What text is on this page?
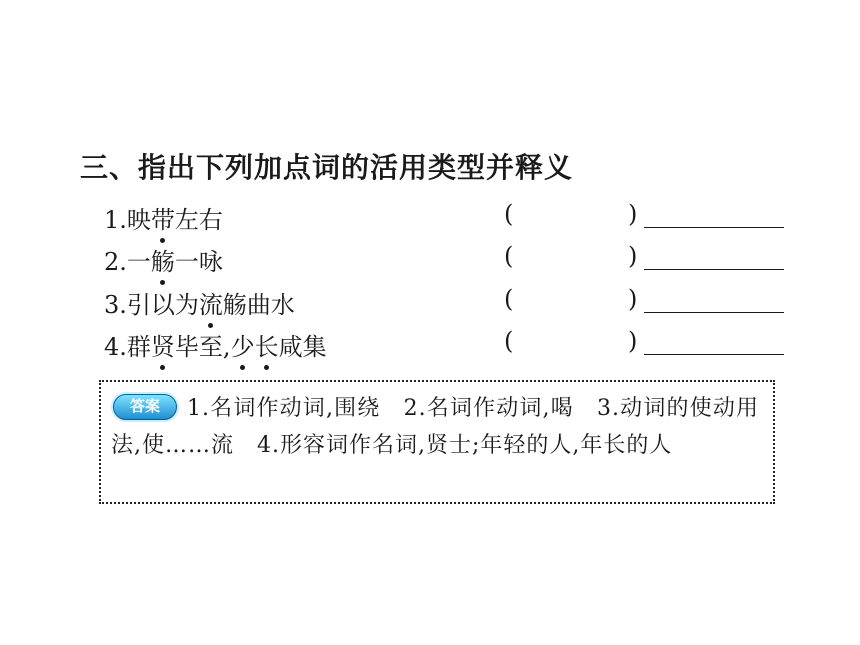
三、指出下列加点词的活用类型并释义
1.映带左右	(	)
2.一觞一咏	(	)
3.引以为流觞曲水	(	)
4.群贤毕至,少长咸集	(	)
答案	1.名词作动词,围绕　2.名词作动词,喝　3.动词的使动用法,使……流　4.形容词作名词,贤士;年轻的人,年长的人
